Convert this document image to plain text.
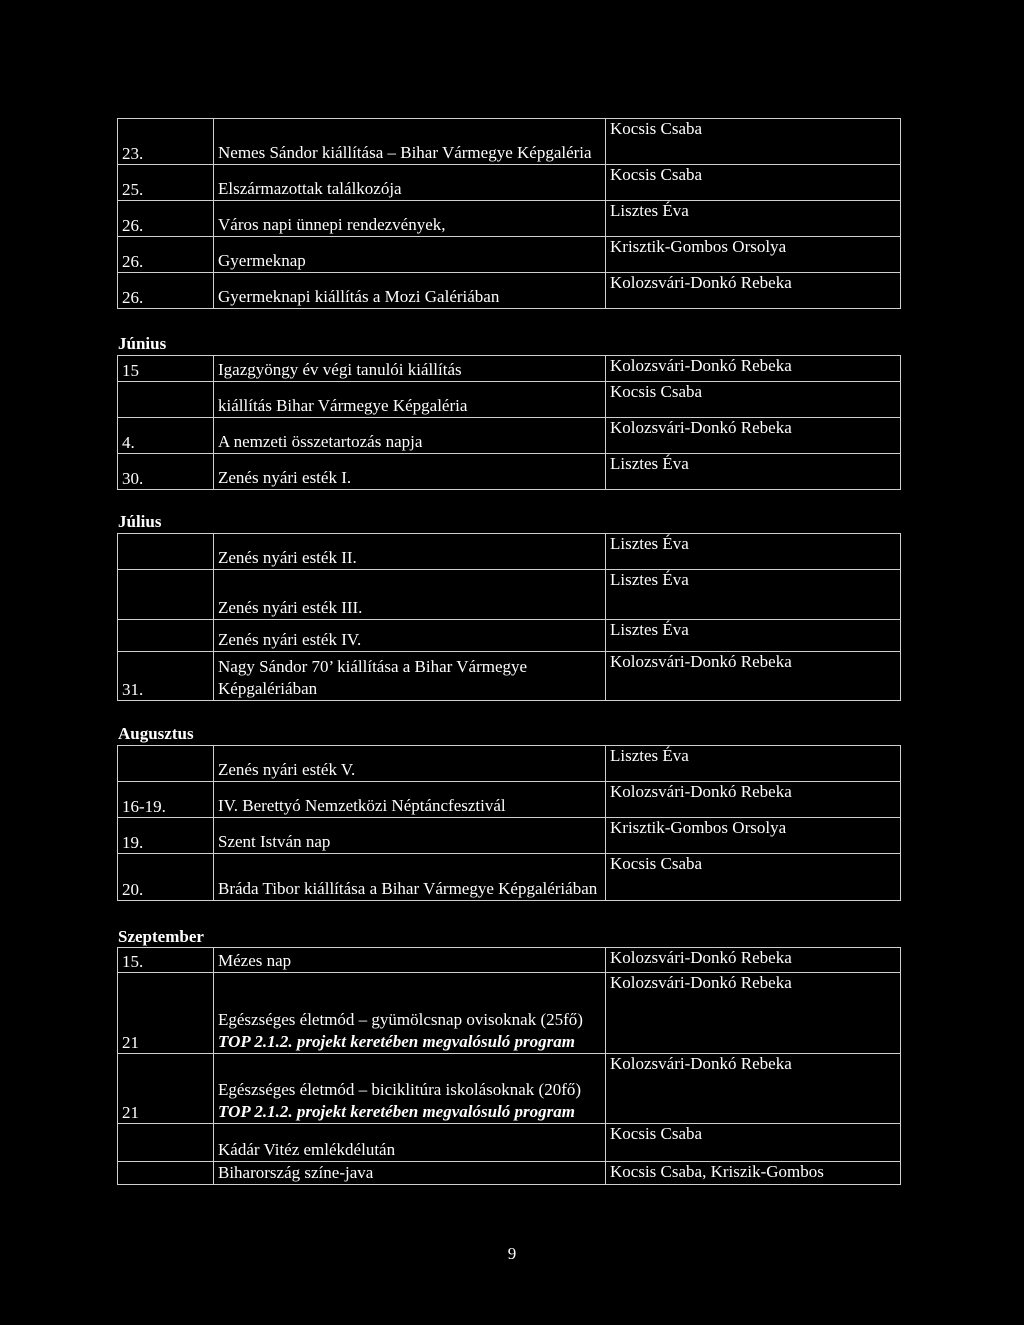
23.	Nemes Sándor kiállítása – Bihar Vármegye Képgaléria	Kocsis Csaba
25.	Elszármazottak találkozója	Kocsis Csaba
26.	Város napi ünnepi rendezvények,	Lisztes Éva
26.	Gyermeknap	Krisztik-Gombos Orsolya
26.	Gyermeknapi kiállítás a Mozi Galériában	Kolozsvári-Donkó Rebeka
Június
15	Igazgyöngy év végi tanulói kiállítás	Kolozsvári-Donkó Rebeka
	kiállítás Bihar Vármegye Képgaléria	Kocsis Csaba
4.	A nemzeti összetartozás napja	Kolozsvári-Donkó Rebeka
30.	Zenés nyári esték I.	Lisztes Éva
Július
	Zenés nyári esték II.	Lisztes Éva
	Zenés nyári esték III.	Lisztes Éva
	Zenés nyári esték IV.	Lisztes Éva
31.	Nagy Sándor 70’ kiállítása a Bihar Vármegye Képgalériában	Kolozsvári-Donkó Rebeka
Augusztus
	Zenés nyári esték V.	Lisztes Éva
16-19.	IV. Berettyó Nemzetközi Néptáncfesztivál	Kolozsvári-Donkó Rebeka
19.	Szent István nap	Krisztik-Gombos Orsolya
20.	Bráda Tibor kiállítása a Bihar Vármegye Képgalériában	Kocsis Csaba
Szeptember
15.	Mézes nap	Kolozsvári-Donkó Rebeka
21	Egészséges életmód – gyümölcsnap ovisoknak (25fő) TOP 2.1.2. projekt keretében megvalósuló program	Kolozsvári-Donkó Rebeka
21	Egészséges életmód – biciklitúra iskolásoknak (20fő) TOP 2.1.2. projekt keretében megvalósuló program	Kolozsvári-Donkó Rebeka
	Kádár Vitéz emlékdélután	Kocsis Csaba
	Biharország színe-java	Kocsis Csaba, Kriszik-Gombos
9
